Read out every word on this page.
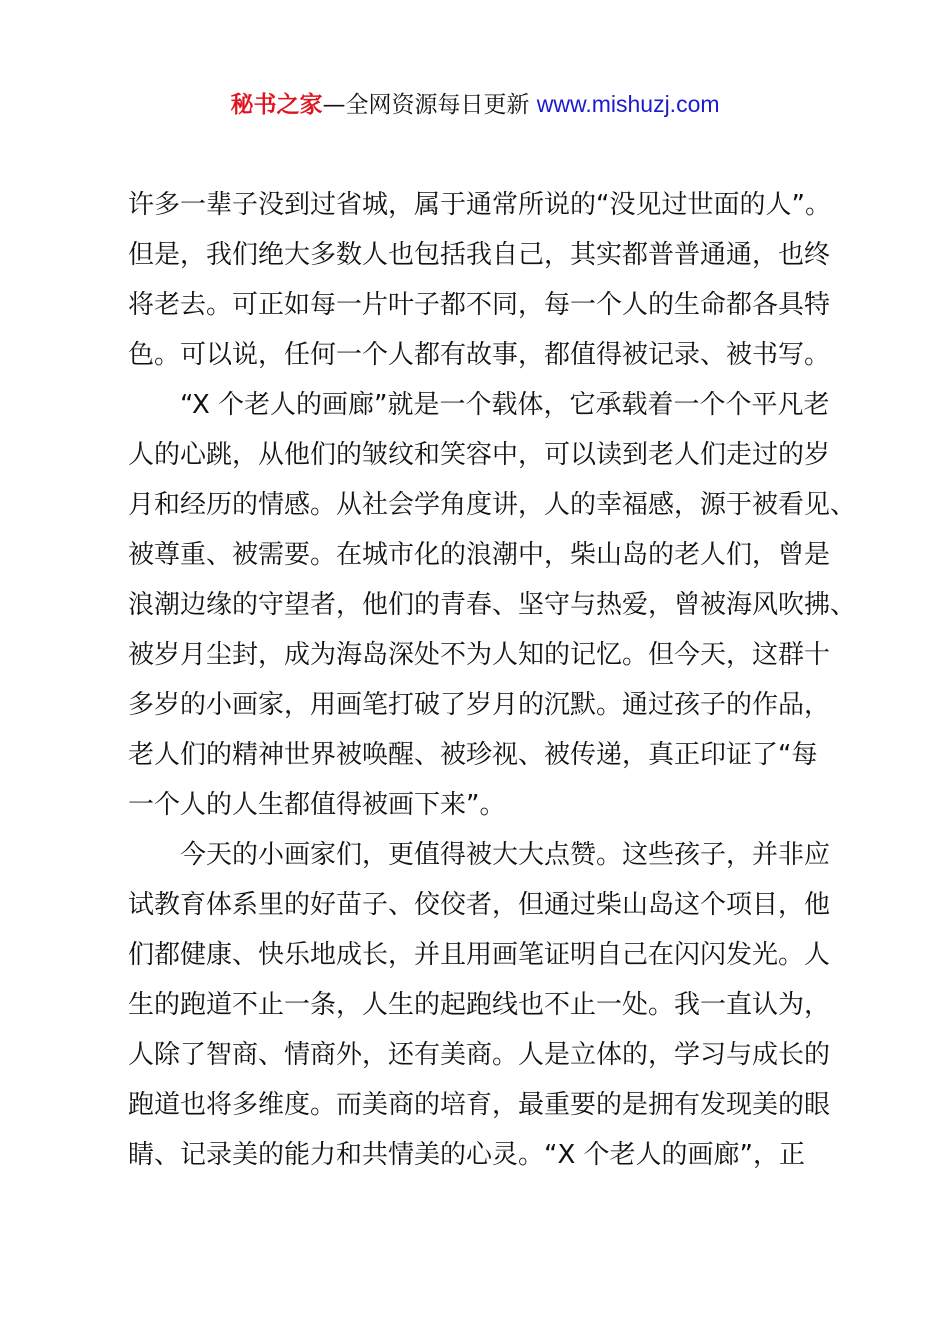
秘书之家—全网资源每日更新 www.mishuzj.com
许多一辈子没到过省城，属于通常所说的“没见过世面的人”。
但是，我们绝大多数人也包括我自己，其实都普普通通，也终
将老去。可正如每一片叶子都不同，每一个人的生命都各具特
色。可以说，任何一个人都有故事，都值得被记录、被书写。
　　“X 个老人的画廊”就是一个载体，它承载着一个个平凡老
人的心跳，从他们的皱纹和笑容中，可以读到老人们走过的岁
月和经历的情感。从社会学角度讲，人的幸福感，源于被看见、
被尊重、被需要。在城市化的浪潮中，柴山岛的老人们，曾是
浪潮边缘的守望者，他们的青春、坚守与热爱，曾被海风吹拂、
被岁月尘封，成为海岛深处不为人知的记忆。但今天，这群十
多岁的小画家，用画笔打破了岁月的沉默。通过孩子的作品，
老人们的精神世界被唤醒、被珍视、被传递，真正印证了“每
一个人的人生都值得被画下来”。
　　今天的小画家们，更值得被大大点赞。这些孩子，并非应
试教育体系里的好苗子、佼佼者，但通过柴山岛这个项目，他
们都健康、快乐地成长，并且用画笔证明自己在闪闪发光。人
生的跑道不止一条，人生的起跑线也不止一处。我一直认为，
人除了智商、情商外，还有美商。人是立体的，学习与成长的
跑道也将多维度。而美商的培育，最重要的是拥有发现美的眼
睛、记录美的能力和共情美的心灵。“X 个老人的画廊”，正
